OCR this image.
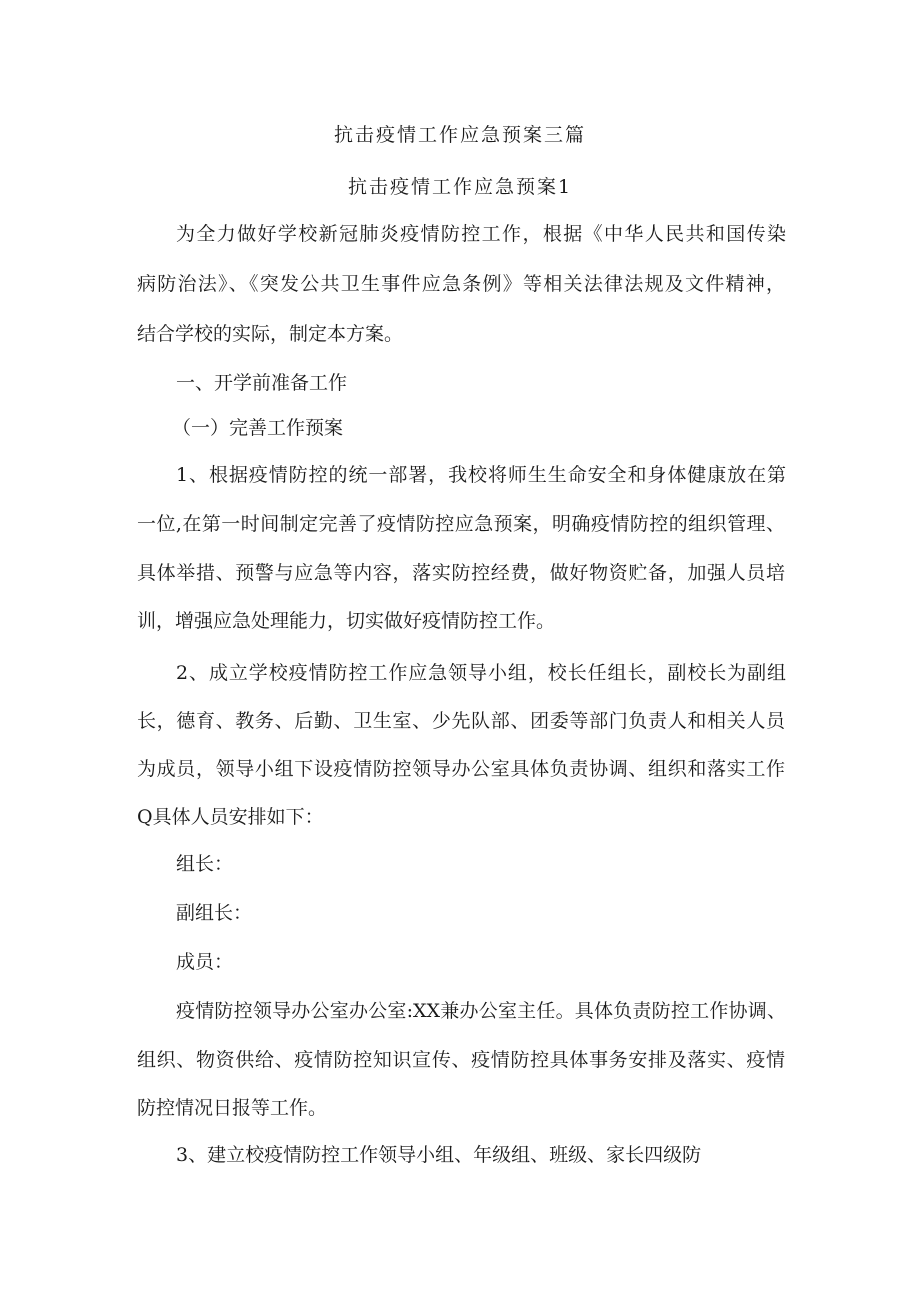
抗击疫情工作应急预案三篇
抗击疫情工作应急预案1

为全力做好学校新冠肺炎疫情防控工作，根据《中华人民共和国传染

病防治法》、《突发公共卫生事件应急条例》等相关法律法规及文件精神，

结合学校的实际，制定本方案。

一、开学前准备工作

（一）完善工作预案

1、根据疫情防控的统一部署，我校将师生生命安全和身体健康放在第

一位,在第一时间制定完善了疫情防控应急预案，明确疫情防控的组织管理、

具体举措、预警与应急等内容，落实防控经费，做好物资贮备，加强人员培

训，增强应急处理能力，切实做好疫情防控工作。

2、成立学校疫情防控工作应急领导小组，校长任组长，副校长为副组

长，德育、教务、后勤、卫生室、少先队部、团委等部门负责人和相关人员

为成员，领导小组下设疫情防控领导办公室具体负责协调、组织和落实工作

Q具体人员安排如下：

组长：

副组长：

成员：

疫情防控领导办公室办公室:XX兼办公室主任。具体负责防控工作协调、

组织、物资供给、疫情防控知识宣传、疫情防控具体事务安排及落实、疫情

防控情况日报等工作。

3、建立校疫情防控工作领导小组、年级组、班级、家长四级防
